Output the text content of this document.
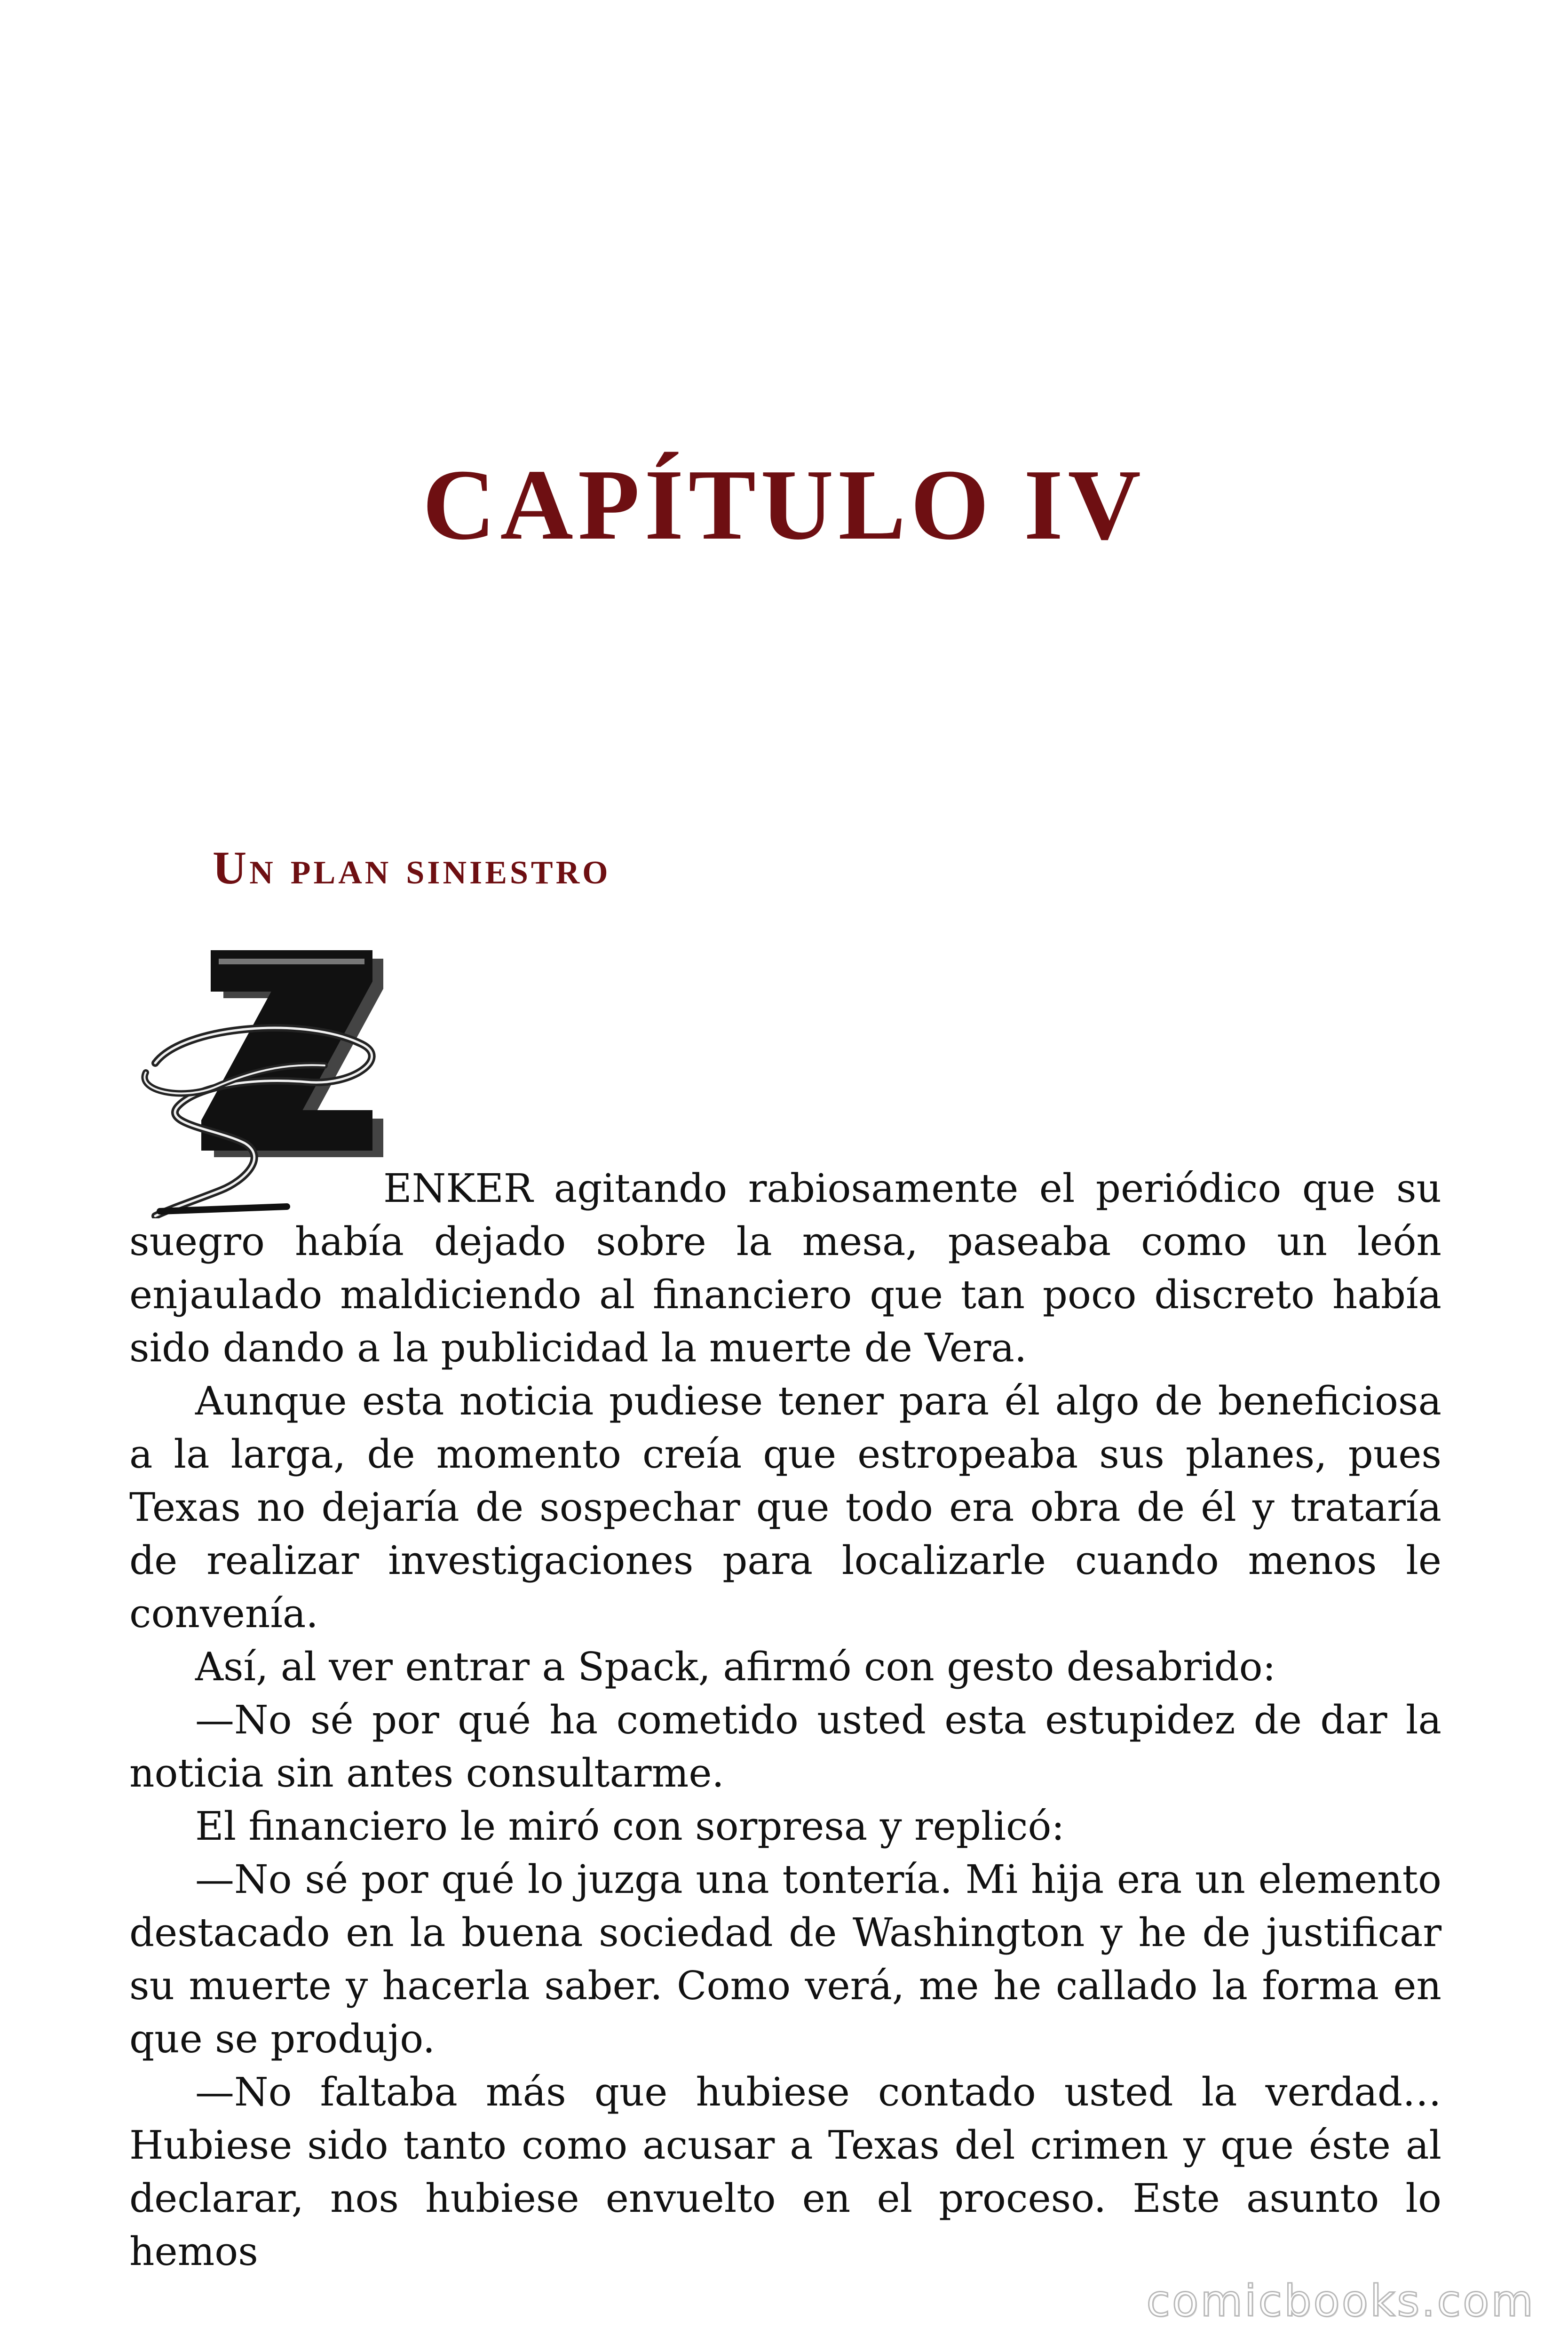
CAPÍTULO IV
Un plan siniestro

ENKER agitando rabiosamente el periódico que su suegro había dejado sobre la mesa, paseaba como un león enjaulado maldiciendo al financiero que tan poco discreto había sido dando a la publicidad la muerte de Vera.

Aunque esta noticia pudiese tener para él algo de beneficiosa a la larga, de momento creía que estropeaba sus planes, pues Texas no dejaría de sospechar que todo era obra de él y trataría de realizar investigaciones para localizarle cuando menos le convenía.

Así, al ver entrar a Spack, afirmó con gesto desabrido:

—No sé por qué ha cometido usted esta estupidez de dar la noticia sin antes consultarme.

El financiero le miró con sorpresa y replicó:

—No sé por qué lo juzga una tontería. Mi hija era un elemento destacado en la buena sociedad de Washington y he de justificar su muerte y hacerla saber. Como verá, me he callado la forma en que se produjo.

—No faltaba más que hubiese contado usted la verdad… Hubiese sido tanto como acusar a Texas del crimen y que éste al declarar, nos hubiese envuelto en el proceso. Este asunto lo hemos

comicbooks.com
